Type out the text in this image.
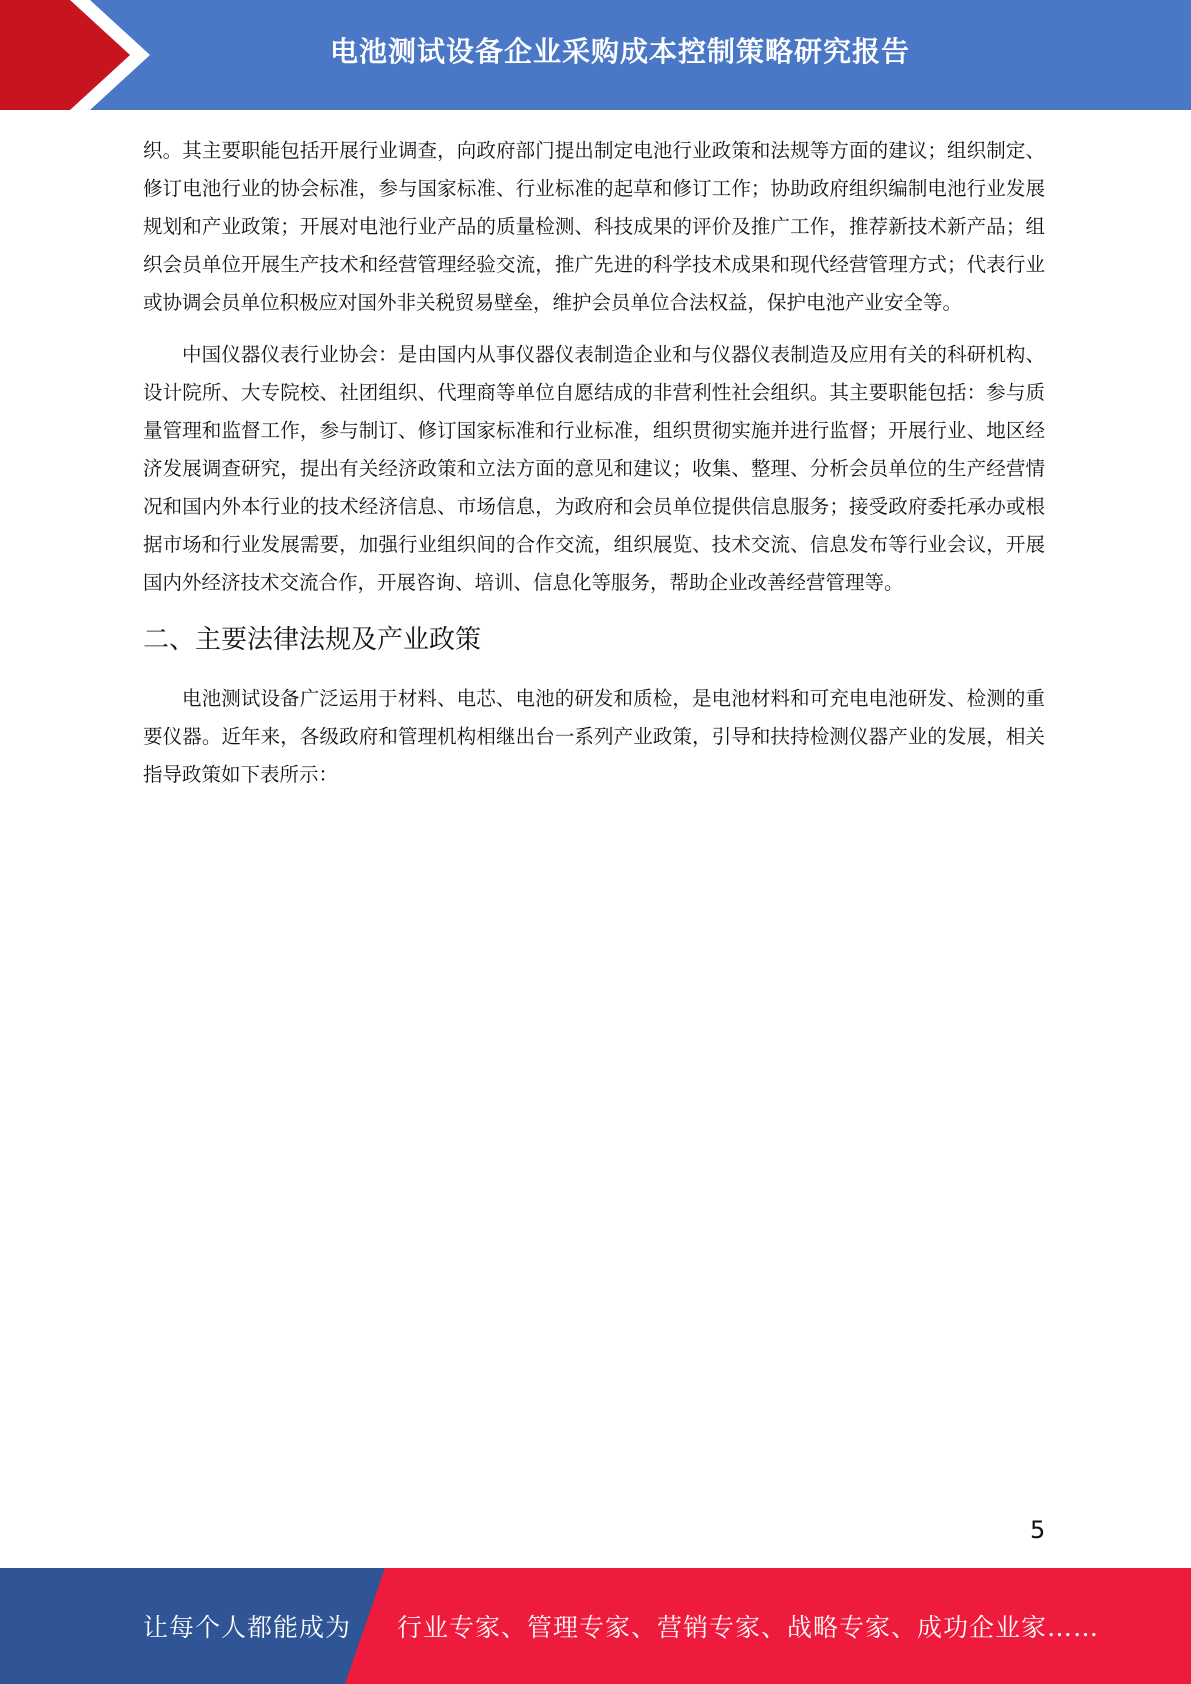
电池测试设备企业采购成本控制策略研究报告

织。其主要职能包括开展行业调查，向政府部门提出制定电池行业政策和法规等方面的建议；组织制定、修订电池行业的协会标准，参与国家标准、行业标准的起草和修订工作；协助政府组织编制电池行业发展规划和产业政策；开展对电池行业产品的质量检测、科技成果的评价及推广工作，推荐新技术新产品；组织会员单位开展生产技术和经营管理经验交流，推广先进的科学技术成果和现代经营管理方式；代表行业或协调会员单位积极应对国外非关税贸易壁垒，维护会员单位合法权益，保护电池产业安全等。

中国仪器仪表行业协会：是由国内从事仪器仪表制造企业和与仪器仪表制造及应用有关的科研机构、设计院所、大专院校、社团组织、代理商等单位自愿结成的非营利性社会组织。其主要职能包括：参与质量管理和监督工作，参与制订、修订国家标准和行业标准，组织贯彻实施并进行监督；开展行业、地区经济发展调查研究，提出有关经济政策和立法方面的意见和建议；收集、整理、分析会员单位的生产经营情况和国内外本行业的技术经济信息、市场信息，为政府和会员单位提供信息服务；接受政府委托承办或根据市场和行业发展需要，加强行业组织间的合作交流，组织展览、技术交流、信息发布等行业会议，开展国内外经济技术交流合作，开展咨询、培训、信息化等服务，帮助企业改善经营管理等。

二、主要法律法规及产业政策

电池测试设备广泛运用于材料、电芯、电池的研发和质检，是电池材料和可充电电池研发、检测的重要仪器。近年来，各级政府和管理机构相继出台一系列产业政策，引导和扶持检测仪器产业的发展，相关指导政策如下表所示：

5
让每个人都能成为 行业专家、管理专家、营销专家、战略专家、成功企业家……
